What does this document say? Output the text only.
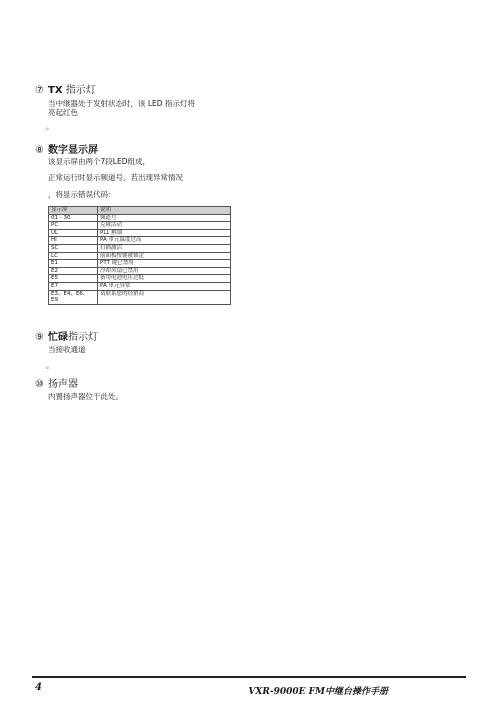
⑦ TX 指示灯
当中继器处于发射状态时，该 LED 指示灯将
亮起红色
。
⑧ 数字显示屏
该显示屏由两个7段LED组成，
正常运行时显示频道号。若出现异常情况
，将显示错误代码：
显示屏	说明
01 - 30	频道号
PC	克隆活动
UL	PLL 解锁
HI	PA 单元温度过高
SC	扫描激活
LC	前面板按键被锁定
E1	PTT 键已禁用
E2	冷却风扇已禁用
E5	备用电池电压过低
E7	PA 单元异常
E3、E4、E6、E9	请联系您的经销商
⑨ 忙碌指示灯
当接收通道
。
⑩ 扬声器
内置扬声器位于此处。
4	VXR-9000E FM中继台操作手册
